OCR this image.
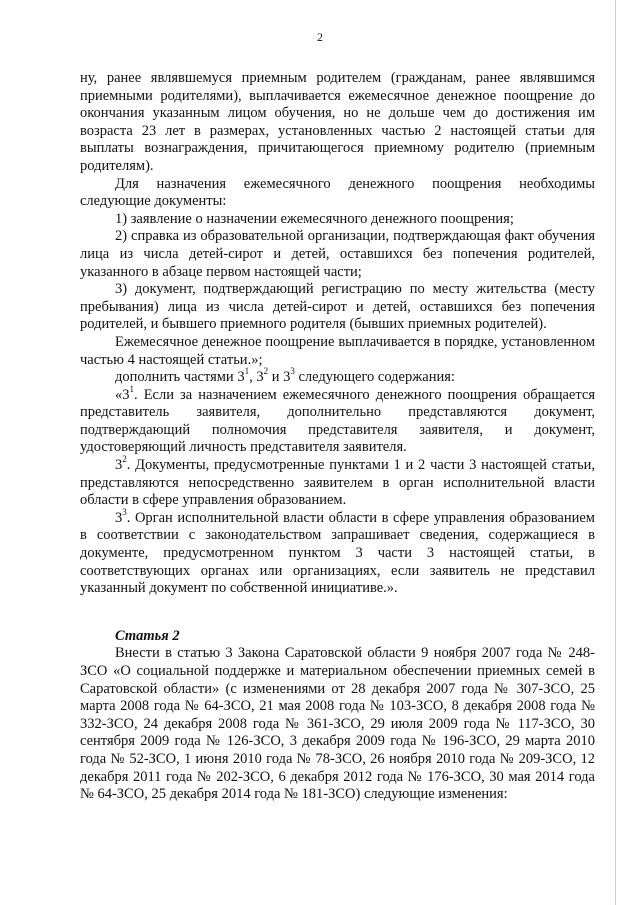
2

ну, ранее являвшемуся приемным родителем (гражданам, ранее являвшимся приемными родителями), выплачивается ежемесячное денежное поощрение до окончания указанным лицом обучения, но не дольше чем до достижения им возраста 23 лет в размерах, установленных частью 2 настоящей статьи для выплаты вознаграждения, причитающегося приемному родителю (приемным родителям).

Для назначения ежемесячного денежного поощрения необходимы следующие документы:

1) заявление о назначении ежемесячного денежного поощрения;

2) справка из образовательной организации, подтверждающая факт обучения лица из числа детей-сирот и детей, оставшихся без попечения родителей, указанного в абзаце первом настоящей части;

3) документ, подтверждающий регистрацию по месту жительства (месту пребывания) лица из числа детей-сирот и детей, оставшихся без попечения родителей, и бывшего приемного родителя (бывших приемных родителей).

Ежемесячное денежное поощрение выплачивается в порядке, установленном частью 4 настоящей статьи.»;

дополнить частями $3^1$, $3^2$ и $3^3$ следующего содержания:

«$3^1$. Если за назначением ежемесячного денежного поощрения обращается представитель заявителя, дополнительно представляются документ, подтверждающий полномочия представителя заявителя, и документ, удостоверяющий личность представителя заявителя.

$3^2$. Документы, предусмотренные пунктами 1 и 2 части 3 настоящей статьи, представляются непосредственно заявителем в орган исполнительной власти области в сфере управления образованием.

$3^3$. Орган исполнительной власти области в сфере управления образованием в соответствии с законодательством запрашивает сведения, содержащиеся в документе, предусмотренном пунктом 3 части 3 настоящей статьи, в соответствующих органах или организациях, если заявитель не представил указанный документ по собственной инициативе.».

Статья 2

Внести в статью 3 Закона Саратовской области 9 ноября 2007 года № 248-ЗСО «О социальной поддержке и материальном обеспечении приемных семей в Саратовской области» (с изменениями от 28 декабря 2007 года № 307-ЗСО, 25 марта 2008 года № 64-ЗСО, 21 мая 2008 года № 103-ЗСО, 8 декабря 2008 года № 332-ЗСО, 24 декабря 2008 года № 361-ЗСО, 29 июля 2009 года № 117-ЗСО, 30 сентября 2009 года № 126-ЗСО, 3 декабря 2009 года № 196-ЗСО, 29 марта 2010 года № 52-ЗСО, 1 июня 2010 года № 78-ЗСО, 26 ноября 2010 года № 209-ЗСО, 12 декабря 2011 года № 202-ЗСО, 6 декабря 2012 года № 176-ЗСО, 30 мая 2014 года № 64-ЗСО, 25 декабря 2014 года № 181-ЗСО) следующие изменения:
